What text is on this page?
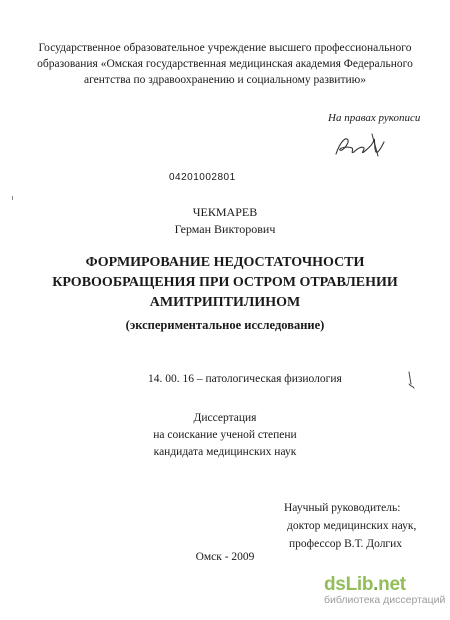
Государственное образовательное учреждение высшего профессионального
образования «Омская государственная медицинская академия Федерального
агентства по здравоохранению и социальному развитию»
На правах рукописи
04201002801
ЧЕКМАРЕВ
Герман Викторович
ФОРМИРОВАНИЕ НЕДОСТАТОЧНОСТИ
КРОВООБРАЩЕНИЯ ПРИ ОСТРОМ ОТРАВЛЕНИИ
АМИТРИПТИЛИНОМ
(экспериментальное исследование)
14. 00. 16 – патологическая физиология
Диссертация
на соискание ученой степени
кандидата медицинских наук
Научный руководитель:
доктор медицинских наук,
профессор В.Т. Долгих
Омск - 2009
dsLib.net
библиотека диссертаций
